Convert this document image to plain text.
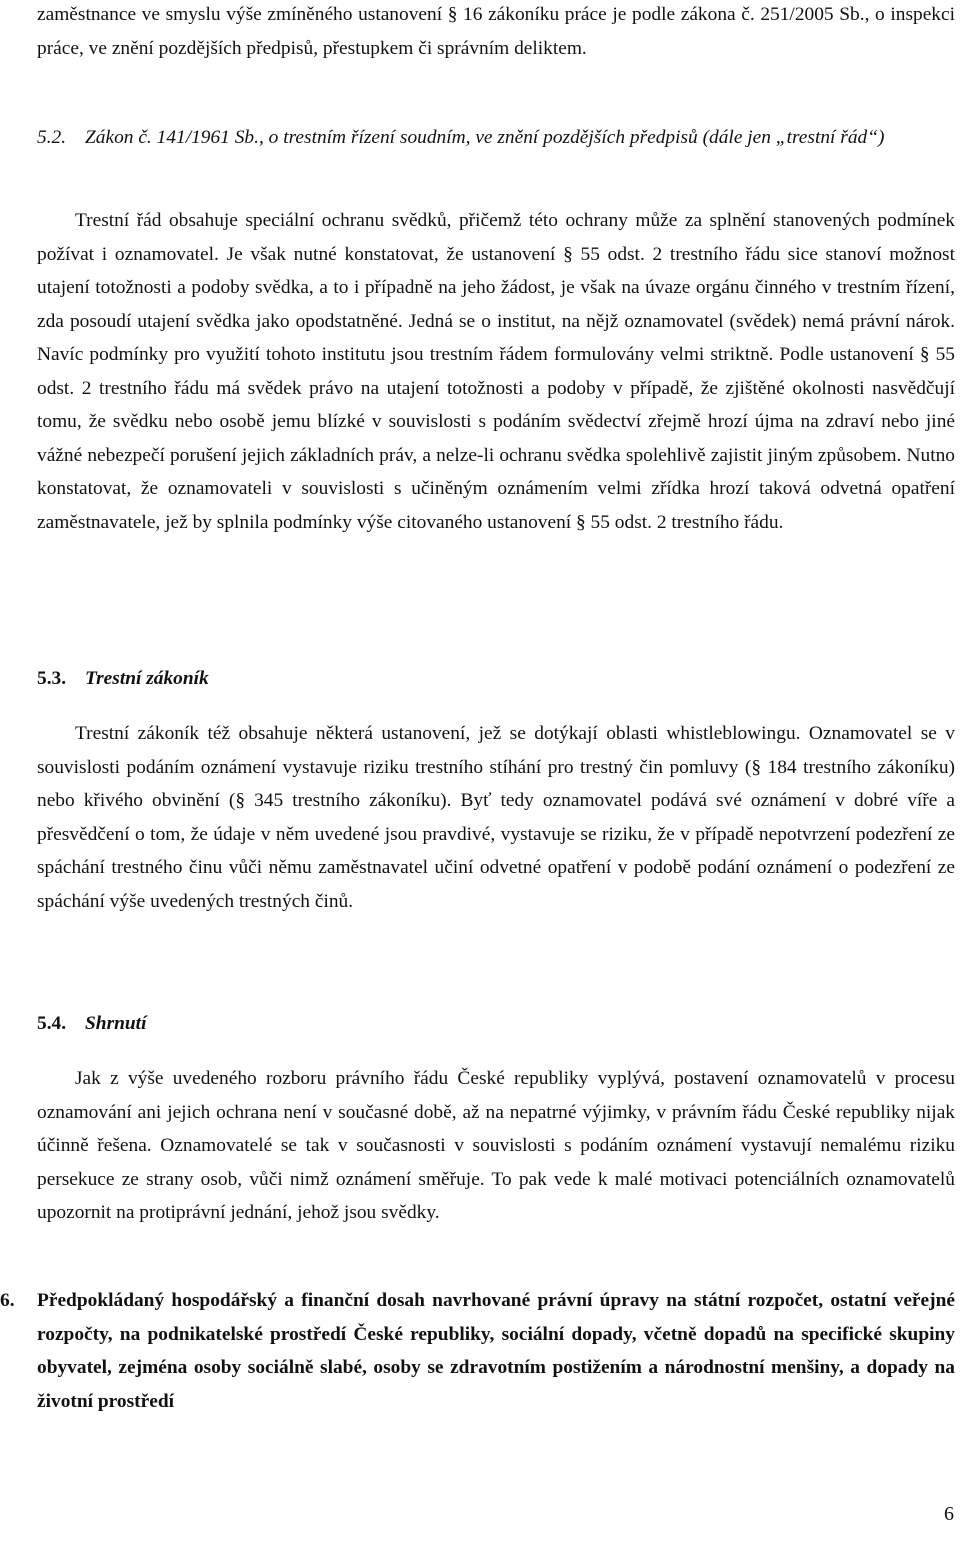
zaměstnance ve smyslu výše zmíněného ustanovení § 16 zákoníku práce je podle zákona č. 251/2005 Sb., o inspekci práce, ve znění pozdějších předpisů, přestupkem či správním deliktem.

5.2. Zákon č. 141/1961 Sb., o trestním řízení soudním, ve znění pozdějších předpisů (dále jen „trestní řád“)

Trestní řád obsahuje speciální ochranu svědků, přičemž této ochrany může za splnění stanovených podmínek požívat i oznamovatel. Je však nutné konstatovat, že ustanovení § 55 odst. 2 trestního řádu sice stanoví možnost utajení totožnosti a podoby svědka, a to i případně na jeho žádost, je však na úvaze orgánu činného v trestním řízení, zda posoudí utajení svědka jako opodstatněné. Jedná se o institut, na nějž oznamovatel (svědek) nemá právní nárok. Navíc podmínky pro využití tohoto institutu jsou trestním řádem formulovány velmi striktně. Podle ustanovení § 55 odst. 2 trestního řádu má svědek právo na utajení totožnosti a podoby v případě, že zjištěné okolnosti nasvědčují tomu, že svědku nebo osobě jemu blízké v souvislosti s podáním svědectví zřejmě hrozí újma na zdraví nebo jiné vážné nebezpečí porušení jejich základních práv, a nelze-li ochranu svědka spolehlivě zajistit jiným způsobem. Nutno konstatovat, že oznamovateli v souvislosti s učiněným oznámením velmi zřídka hrozí taková odvetná opatření zaměstnavatele, jež by splnila podmínky výše citovaného ustanovení § 55 odst. 2 trestního řádu.

5.3. Trestní zákoník

Trestní zákoník též obsahuje některá ustanovení, jež se dotýkají oblasti whistleblowingu. Oznamovatel se v souvislosti podáním oznámení vystavuje riziku trestního stíhání pro trestný čin pomluvy (§ 184 trestního zákoníku) nebo křivého obvinění (§ 345 trestního zákoníku). Byť tedy oznamovatel podává své oznámení v dobré víře a přesvědčení o tom, že údaje v něm uvedené jsou pravdivé, vystavuje se riziku, že v případě nepotvrzení podezření ze spáchání trestného činu vůči němu zaměstnavatel učiní odvetné opatření v podobě podání oznámení o podezření ze spáchání výše uvedených trestných činů.

5.4. Shrnutí

Jak z výše uvedeného rozboru právního řádu České republiky vyplývá, postavení oznamovatelů v procesu oznamování ani jejich ochrana není v současné době, až na nepatrné výjimky, v právním řádu České republiky nijak účinně řešena. Oznamovatelé se tak v současnosti v souvislosti s podáním oznámení vystavují nemalému riziku persekuce ze strany osob, vůči nimž oznámení směřuje. To pak vede k malé motivaci potenciálních oznamovatelů upozornit na protiprávní jednání, jehož jsou svědky.

6. Předpokládaný hospodářský a finanční dosah navrhované právní úpravy na státní rozpočet, ostatní veřejné rozpočty, na podnikatelské prostředí České republiky, sociální dopady, včetně dopadů na specifické skupiny obyvatel, zejména osoby sociálně slabé, osoby se zdravotním postižením a národnostní menšiny, a dopady na životní prostředí

6
